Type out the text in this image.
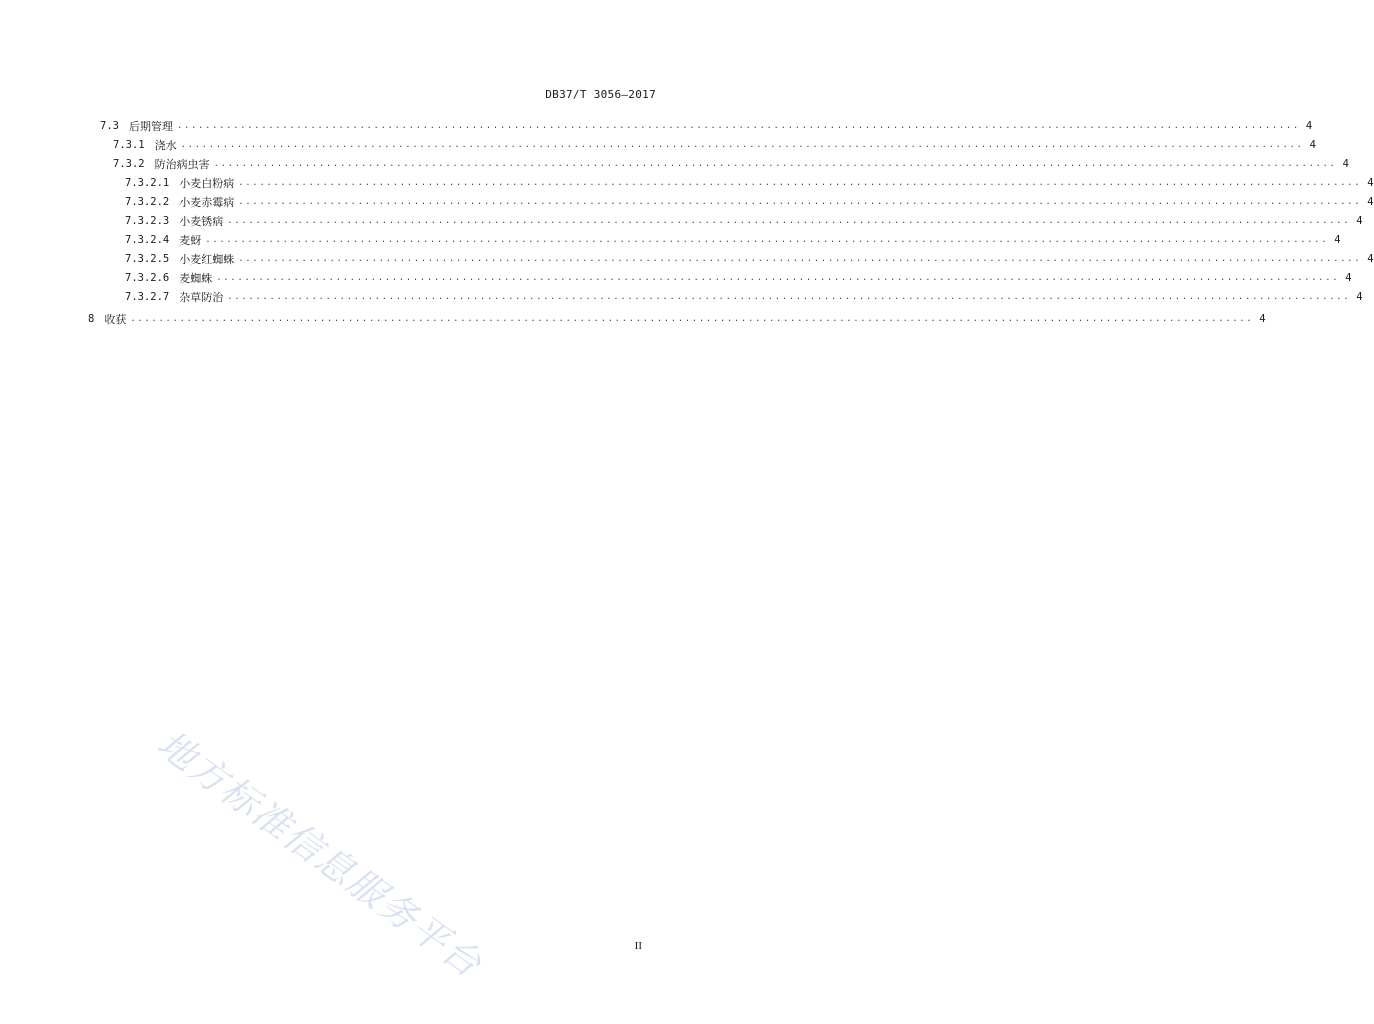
DB37/T 3056—2017
7.3 后期管理 ................................................................................................................................................................ 4
7.3.1 浇水 ................................................................................................................................................................ 4
7.3.2 防治病虫害 ................................................................................................................................................................ 4
7.3.2.1 小麦白粉病 ................................................................................................................................................................ 4
7.3.2.2 小麦赤霉病 ................................................................................................................................................................ 4
7.3.2.3 小麦锈病 ................................................................................................................................................................ 4
7.3.2.4 麦蚜 ................................................................................................................................................................ 4
7.3.2.5 小麦红蜘蛛 ................................................................................................................................................................ 4
7.3.2.6 麦蜘蛛 ................................................................................................................................................................ 4
7.3.2.7 杂草防治 ................................................................................................................................................................ 4
8 收获 ................................................................................................................................................................ 4
地方标准信息服务平台	II
